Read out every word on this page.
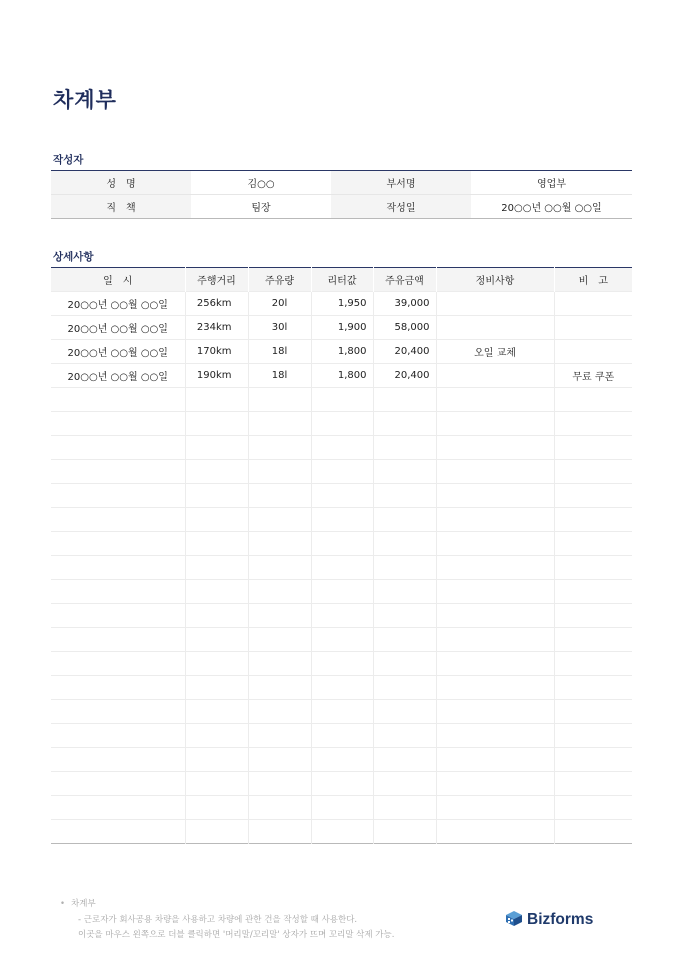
차계부
작성자
성　명	김○○	부서명	영업부
직　책	팀장	작성일	20○○년 ○○월 ○○일
상세사항
일　시	주행거리	주유량	리터값	주유금액	정비사항	비　고
20○○년 ○○월 ○○일	256km	20l	1,950	39,000		
20○○년 ○○월 ○○일	234km	30l	1,900	58,000		
20○○년 ○○월 ○○일	170km	18l	1,800	20,400	오일 교체	
20○○년 ○○월 ○○일	190km	18l	1,800	20,400		무료 쿠폰

• 차계부
- 근로자가 회사공용 차량을 사용하고 차량에 관한 건을 작성할 때 사용한다.
이곳을 마우스 왼쪽으로 더블 클릭하면 '머리말/꼬리말' 상자가 뜨며 꼬리말 삭제 가능.
Bizforms
